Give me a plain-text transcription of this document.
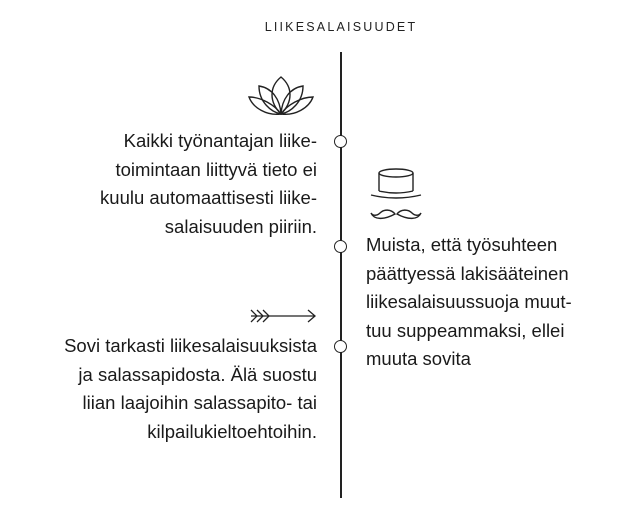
LIIKESALAISUUDET
Kaikki työnantajan liike-
toimintaan liittyvä tieto ei
kuulu automaattisesti liike-
salaisuuden piiriin.
Muista, että työsuhteen
päättyessä lakisääteinen
liikesalaisuussuoja muut-
tuu suppeammaksi, ellei
muuta sovita
Sovi tarkasti liikesalaisuuksista
ja salassapidosta. Älä suostu
liian laajoihin salassapito- tai
kilpailukieltoehtoihin.
